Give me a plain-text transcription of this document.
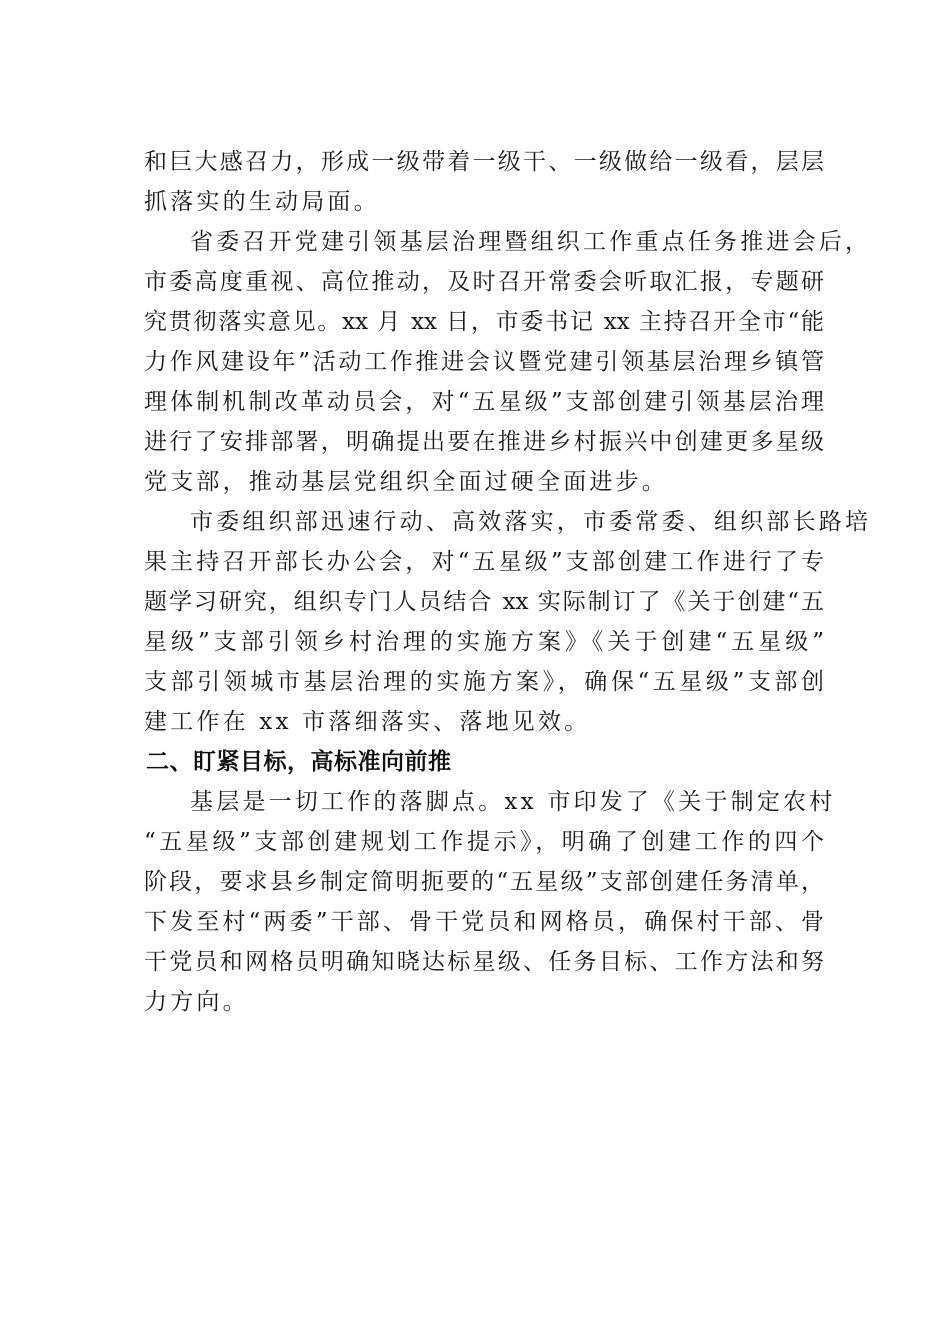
和巨大感召力，形成一级带着一级干、一级做给一级看，层层
抓落实的生动局面。
省委召开党建引领基层治理暨组织工作重点任务推进会后，
市委高度重视、高位推动，及时召开常委会听取汇报，专题研
究贯彻落实意见。xx 月 xx 日，市委书记 xx 主持召开全市“能
力作风建设年”活动工作推进会议暨党建引领基层治理乡镇管
理体制机制改革动员会，对“五星级”支部创建引领基层治理
进行了安排部署，明确提出要在推进乡村振兴中创建更多星级
党支部，推动基层党组织全面过硬全面进步。
市委组织部迅速行动、高效落实，市委常委、组织部长路培
果主持召开部长办公会，对“五星级”支部创建工作进行了专
题学习研究，组织专门人员结合 xx 实际制订了《关于创建“五
星级”支部引领乡村治理的实施方案》《关于创建“五星级”
支部引领城市基层治理的实施方案》，确保“五星级”支部创
建工作在 xx 市落细落实、落地见效。
二、盯紧目标，高标准向前推
基层是一切工作的落脚点。xx 市印发了《关于制定农村
“五星级”支部创建规划工作提示》，明确了创建工作的四个
阶段，要求县乡制定简明扼要的“五星级”支部创建任务清单，
下发至村“两委”干部、骨干党员和网格员，确保村干部、骨
干党员和网格员明确知晓达标星级、任务目标、工作方法和努
力方向。
